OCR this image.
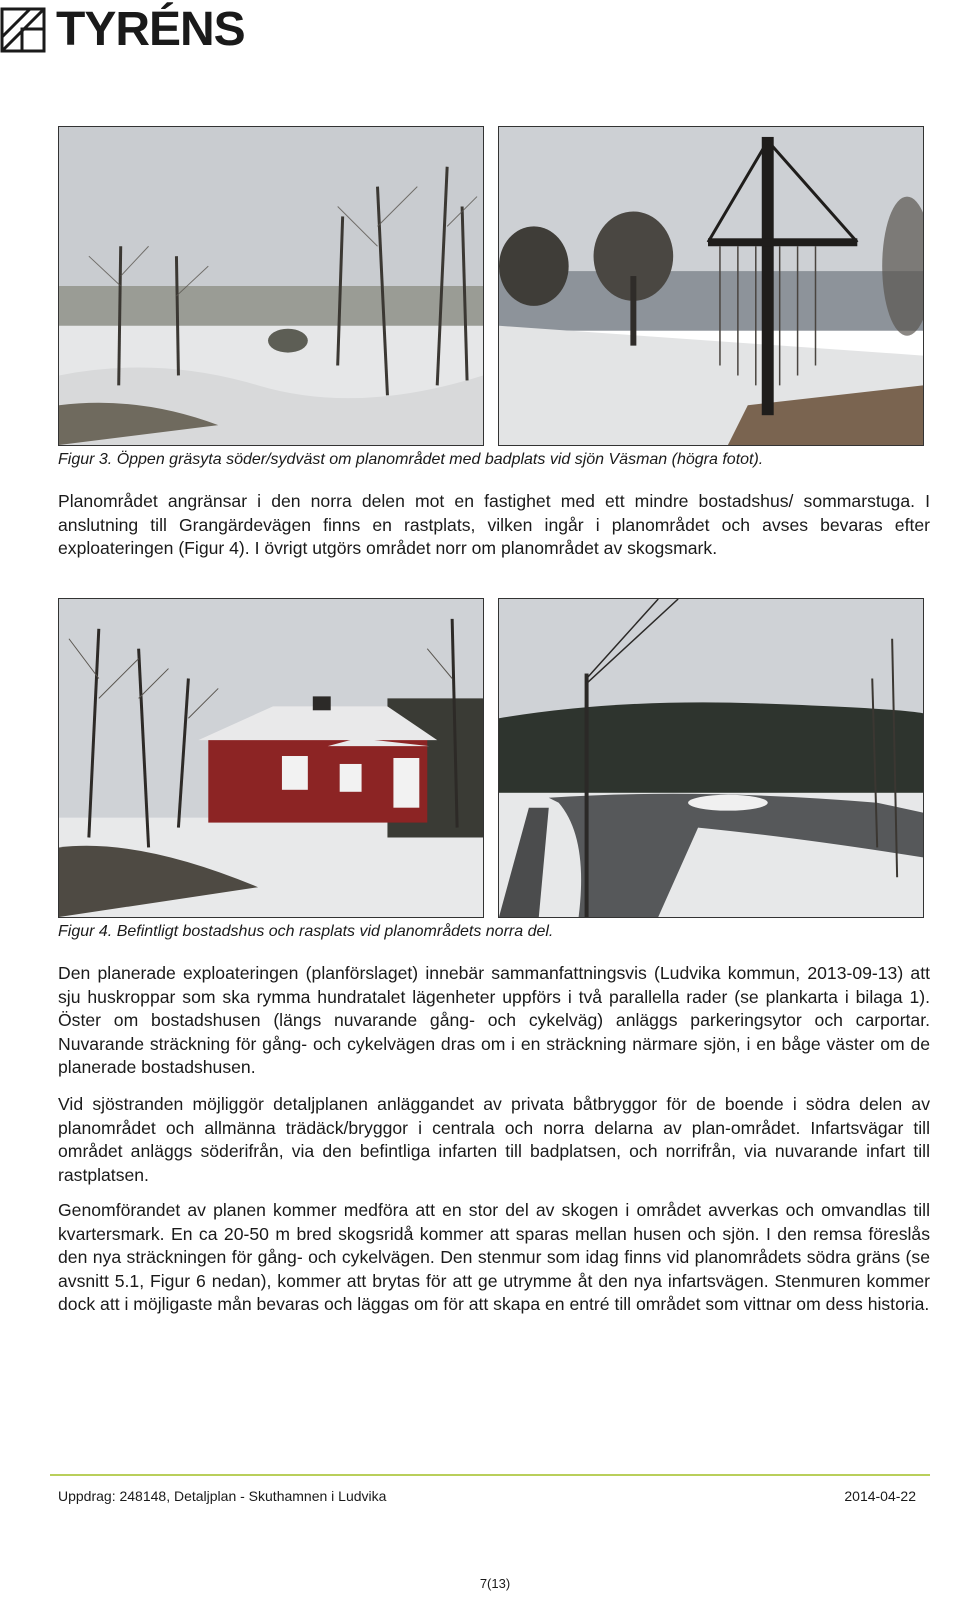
TYRÉNS
Figur 3. Öppen gräsyta söder/sydväst om planområdet med badplats vid sjön Väsman (högra fotot).

Planområdet angränsar i den norra delen mot en fastighet med ett mindre bostadshus/ sommarstuga. I anslutning till Grangärdevägen finns en rastplats, vilken ingår i planområdet och avses bevaras efter exploateringen (Figur 4). I övrigt utgörs området norr om planområdet av skogsmark.

Figur 4. Befintligt bostadshus och rasplats vid planområdets norra del.

Den planerade exploateringen (planförslaget) innebär sammanfattningsvis (Ludvika kommun, 2013-09-13) att sju huskroppar som ska rymma hundratalet lägenheter uppförs i två parallella rader (se plankarta i bilaga 1). Öster om bostadshusen (längs nuvarande gång- och cykelväg) anläggs parkeringsytor och carportar. Nuvarande sträckning för gång- och cykelvägen dras om i en sträckning närmare sjön, i en båge väster om de planerade bostadshusen.

Vid sjöstranden möjliggör detaljplanen anläggandet av privata båtbryggor för de boende i södra delen av planområdet och allmänna trädäck/bryggor i centrala och norra delarna av plan-området. Infartsvägar till området anläggs söderifrån, via den befintliga infarten till badplatsen, och norrifrån, via nuvarande infart till rastplatsen.

Genomförandet av planen kommer medföra att en stor del av skogen i området avverkas och omvandlas till kvartersmark. En ca 20-50 m bred skogsridå kommer att sparas mellan husen och sjön. I den remsa föreslås den nya sträckningen för gång- och cykelvägen. Den stenmur som idag finns vid planområdets södra gräns (se avsnitt 5.1, Figur 6 nedan), kommer att brytas för att ge utrymme åt den nya infartsvägen. Stenmuren kommer dock att i möjligaste mån bevaras och läggas om för att skapa en entré till området som vittnar om dess historia.

Uppdrag: 248148, Detaljplan - Skuthamnen i Ludvika	2014-04-22
7(13)
